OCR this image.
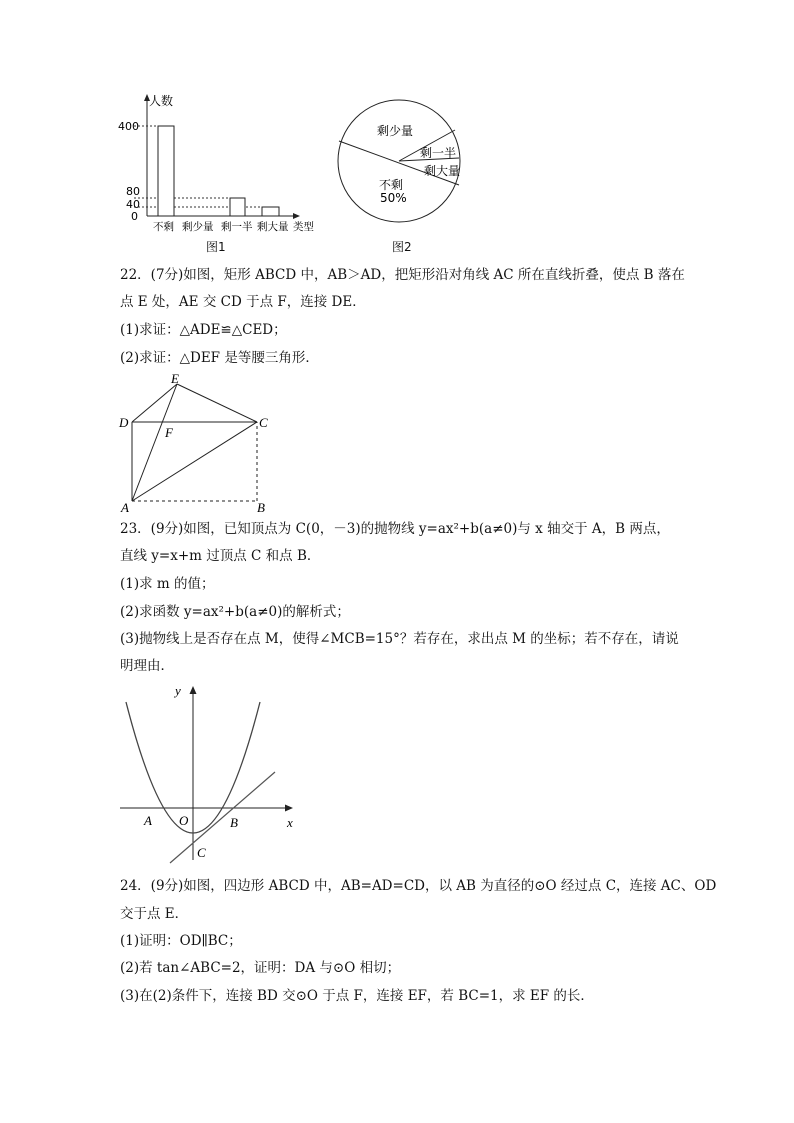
人数
400
80
40
0
不剩 剩少量 剩一半 剩大量 类型
图1
剩少量
剩一半
剩大量
不剩
50%
图2
22．(7分)如图，矩形 ABCD 中，AB＞AD，把矩形沿对角线 AC 所在直线折叠，使点 B 落在
点 E 处，AE 交 CD 于点 F，连接 DE．
(1)求证：△ADE≌△CED；
(2)求证：△DEF 是等腰三角形．
E
D
F
C
A	B
23．(9分)如图，已知顶点为 C(0，－3)的抛物线 y=ax²+b(a≠0)与 x 轴交于 A，B 两点，
直线 y=x+m 过顶点 C 和点 B．
(1)求 m 的值；
(2)求函数 y=ax²+b(a≠0)的解析式；
(3)抛物线上是否存在点 M，使得∠MCB=15°？若存在，求出点 M 的坐标；若不存在，请说
明理由．
y
x
O
A	B
C
24．(9分)如图，四边形 ABCD 中，AB=AD=CD，以 AB 为直径的⊙O 经过点 C，连接 AC、OD
交于点 E．
(1)证明：OD∥BC；
(2)若 tan∠ABC=2，证明：DA 与⊙O 相切；
(3)在(2)条件下，连接 BD 交⊙O 于点 F，连接 EF，若 BC=1，求 EF 的长．
